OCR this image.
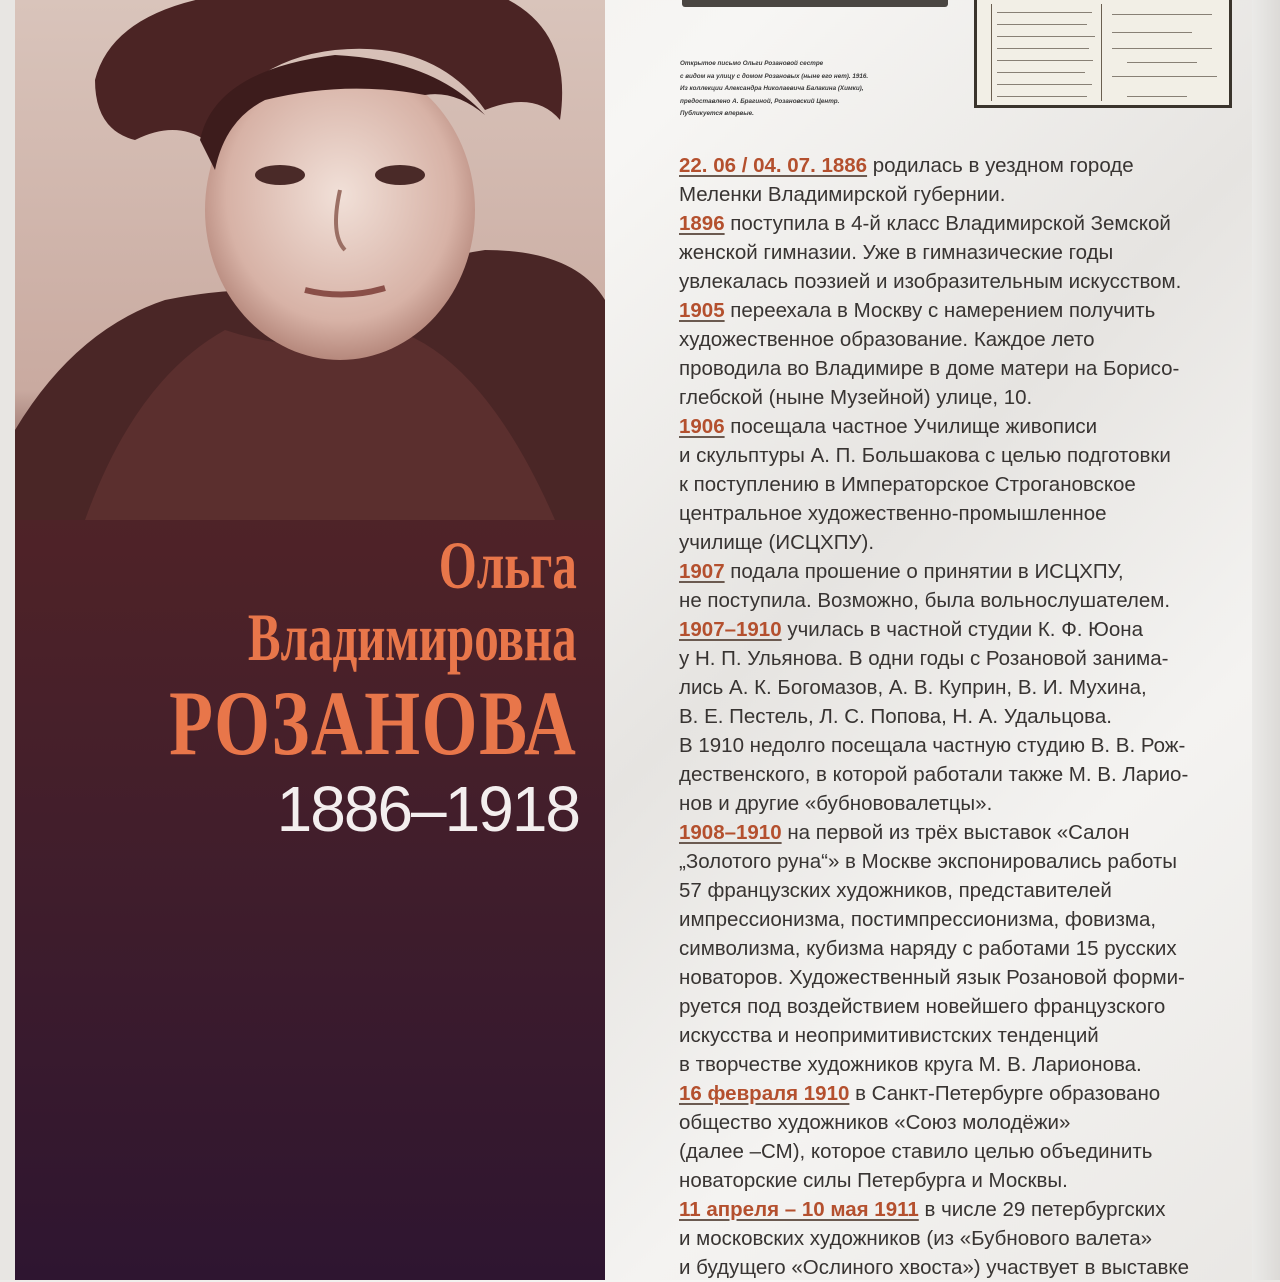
Ольга
Владимировна
РОЗАНОВА
1886–1918
Открытое письмо Ольги Розановой сестре
с видом на улицу с домом Розановых (ныне его нет). 1916.
Из коллекции Александра Николаевича Балакина (Химки),
предоставлено А. Брагиной, Розановский Центр.
Публикуется впервые.
22. 06 / 04. 07. 1886 родилась в уездном городе
Меленки Владимирской губернии.
1896 поступила в 4-й класс Владимирской Земской
женской гимназии. Уже в гимназические годы
увлекалась поэзией и изобразительным искусством.
1905 переехала в Москву с намерением получить
художественное образование. Каждое лето
проводила во Владимире в доме матери на Борисо-
глебской (ныне Музейной) улице, 10.
1906 посещала частное Училище живописи
и скульптуры А. П. Большакова с целью подготовки
к поступлению в Императорское Строгановское
центральное художественно-промышленное
училище (ИСЦХПУ).
1907 подала прошение о принятии в ИСЦХПУ,
не поступила. Возможно, была вольнослушателем.
1907–1910 училась в частной студии К. Ф. Юона
у Н. П. Ульянова. В одни годы с Розановой занима-
лись А. К. Богомазов, А. В. Куприн, В. И. Мухина,
В. Е. Пестель, Л. С. Попова, Н. А. Удальцова.
В 1910 недолго посещала частную студию В. В. Рож-
дественского, в которой работали также М. В. Ларио-
нов и другие «бубнововалетцы».
1908–1910 на первой из трёх выставок «Салон
„Золотого руна“» в Москве экспонировались работы
57 французских художников, представителей
импрессионизма, постимпрессионизма, фовизма,
символизма, кубизма наряду с работами 15 русских
новаторов. Художественный язык Розановой форми-
руется под воздействием новейшего французского
искусства и неопримитивистских тенденций
в творчестве художников круга М. В. Ларионова.
16 февраля 1910 в Санкт-Петербурге образовано
общество художников «Союз молодёжи»
(далее –СМ), которое ставило целью объединить
новаторские силы Петербурга и Москвы.
11 апреля – 10 мая 1911 в числе 29 петербургских
и московских художников (из «Бубнового валета»
и будущего «Ослиного хвоста») участвует в выставке
